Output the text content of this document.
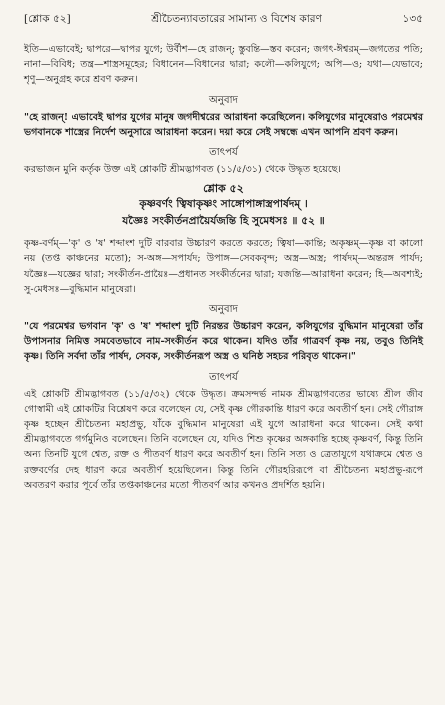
[শ্লোক ৫২]	শ্রীচৈতন্যাবতারের সামান্য ও বিশেষ কারণ	১৩৫
ইতি—এভাবেই; দ্বাপরে—দ্বাপর যুগে; উর্বীশ—হে রাজন্; স্তুবন্তি—স্তব করেন; জগৎ-ঈশ্বরম্—জগতের পতি; নানা—বিবিধ; তন্ত্র—শাস্ত্রসমূহের; বিধানেন—বিধানের দ্বারা; কলৌ—কলিযুগে; অপি—ও; যথা—যেভাবে; শৃণু—অনুগ্রহ করে শ্রবণ করুন।
অনুবাদ
"হে রাজন্! এভাবেই দ্বাপর যুগের মানুষ জগদীশ্বরের আরাধনা করেছিলেন। কলিযুগের মানুষেরাও পরমেশ্বর ভগবানকে শাস্ত্রের নির্দেশ অনুসারে আরাধনা করেন। দয়া করে সেই সম্বন্ধে এখন আপনি শ্রবণ করুন।
তাৎপর্য
করভাজন মুনি কর্তৃক উক্ত এই শ্লোকটি শ্রীমদ্ভাগবত (১১/৫/৩১) থেকে উদ্ধৃত হয়েছে।
শ্লোক ৫২
কৃষ্ণবর্ণং ত্বিষাকৃষ্ণং সাঙ্গোপাঙ্গাস্ত্রপার্ষদম্ ।
যজ্ঞৈঃ সংকীর্তনপ্রায়ৈর্যজন্তি হি সুমেধসঃ ॥ ৫২ ॥
কৃষ্ণ-বর্ণম্—'কৃ' ও 'ষ' শব্দাংশ দুটি বারবার উচ্চারণ করতে করতে; ত্বিষা—কান্তি; অকৃষ্ণম্—কৃষ্ণ বা কালো নয় (তপ্ত কাঞ্চনের মতো); স-অঙ্গ—সপার্যদ; উপাঙ্গ—সেবকবৃন্দ; অস্ত্র—অস্ত্র; পার্ষদম্—অন্তরঙ্গ পার্যদ; যজ্ঞৈঃ—যজ্ঞের দ্বারা; সংকীর্তন-প্রায়ৈঃ—প্রধানত সংকীর্তনের দ্বারা; যজন্তি—আরাধনা করেন; হি—অবশ্যই; সু-মেধসঃ—বুদ্ধিমান মানুষেরা।
অনুবাদ
"যে পরমেশ্বর ভগবান 'কৃ' ও 'ষ' শব্দাংশ দুটি নিরন্তর উচ্চারণ করেন, কলিযুগের বুদ্ধিমান মানুষেরা তাঁর উপাসনার নিমিত্ত সমবেতভাবে নাম-সংকীর্তন করে থাকেন। যদিও তাঁর গাত্রবর্ণ কৃষ্ণ নয়, তবুও তিনিই কৃষ্ণ। তিনি সর্বদা তাঁর পার্ষদ, সেবক, সংকীর্তনরূপ অস্ত্র ও ঘনিষ্ঠ সহচর পরিবৃত থাকেন।"
তাৎপর্য
এই শ্লোকটি শ্রীমদ্ভাগবত (১১/৫/৩২) থেকে উদ্ধৃত। ক্রমসন্দর্ভ নামক শ্রীমদ্ভাগবতের ভাষ্যে শ্রীল জীব গোস্বামী এই শ্লোকটির বিশ্লেষণ করে বলেছেন যে, সেই কৃষ্ণ গৌরকান্তি ধারণ করে অবতীর্ণ হন। সেই গৌরাঙ্গ কৃষ্ণ হচ্ছেন শ্রীচৈতন্য মহাপ্রভু, যাঁকে বুদ্ধিমান মানুষেরা এই যুগে আরাধনা করে থাকেন। সেই কথা শ্রীমদ্ভাগবতে গর্গমুনিও বলেছেন। তিনি বলেছেন যে, যদিও শিশু কৃষ্ণের অঙ্গকান্তি হচ্ছে কৃষ্ণবর্ণ, কিন্তু তিনি অন্য তিনটি যুগে শ্বেত, রক্ত ও পীতবর্ণ ধারণ করে অবতীর্ণ হন। তিনি সত্য ও ত্রেতাযুগে যথাক্রমে শ্বেত ও রক্তবর্ণের দেহ ধারণ করে অবতীর্ণ হয়েছিলেন। কিন্তু তিনি গৌরহরিরূপে বা শ্রীচৈতন্য মহাপ্রভু-রূপে অবতরণ করার পূর্বে তাঁর তপ্তকাঞ্চনের মতো পীতবর্ণ আর কখনও প্রদর্শিত হয়নি।
